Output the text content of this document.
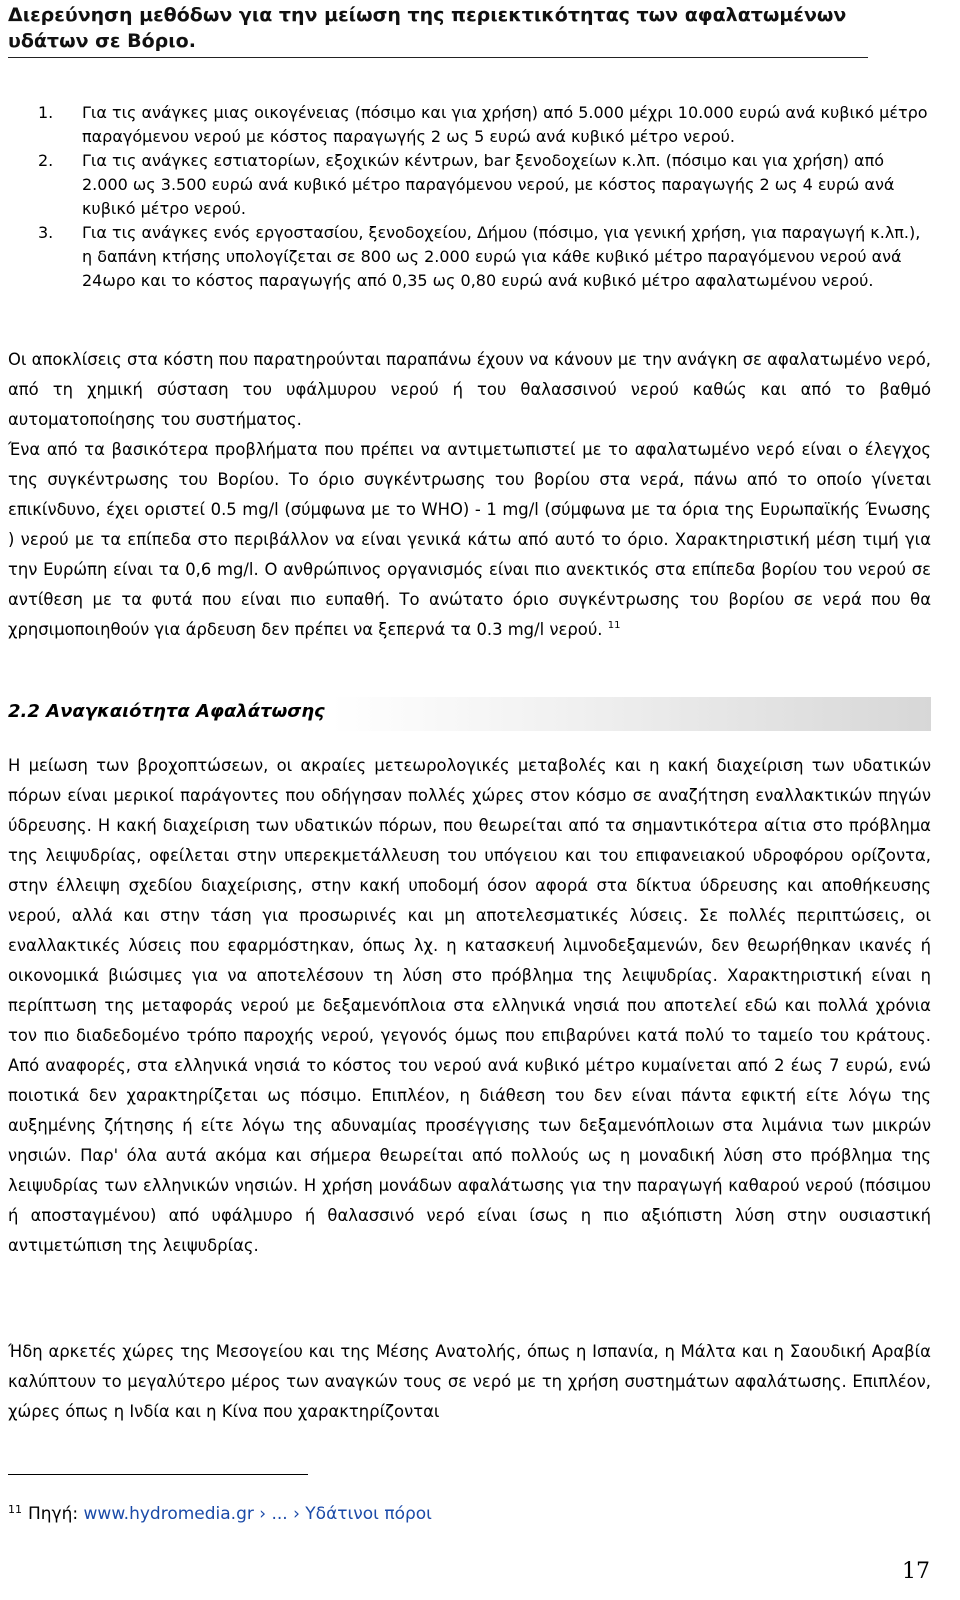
Διερεύνηση μεθόδων για την μείωση της περιεκτικότητας των αφαλατωμένων υδάτων σε Βόριο.
1. Για τις ανάγκες μιας οικογένειας (πόσιμο και για χρήση) από 5.000 μέχρι 10.000 ευρώ ανά κυβικό μέτρο παραγόμενου νερού με κόστος παραγωγής 2 ως 5 ευρώ ανά κυβικό μέτρο νερού.
2. Για τις ανάγκες εστιατορίων, εξοχικών κέντρων, bar ξενοδοχείων κ.λπ. (πόσιμο και για χρήση) από 2.000 ως 3.500 ευρώ ανά κυβικό μέτρο παραγόμενου νερού, με κόστος παραγωγής 2 ως 4 ευρώ ανά κυβικό μέτρο νερού.
3. Για τις ανάγκες ενός εργοστασίου, ξενοδοχείου, Δήμου (πόσιμο, για γενική χρήση, για παραγωγή κ.λπ.), η δαπάνη κτήσης υπολογίζεται σε 800 ως 2.000 ευρώ για κάθε κυβικό μέτρο παραγόμενου νερού ανά 24ωρο και το κόστος παραγωγής από 0,35 ως 0,80 ευρώ ανά κυβικό μέτρο αφαλατωμένου νερού.

Οι αποκλίσεις στα κόστη που παρατηρούνται παραπάνω έχουν να κάνουν με την ανάγκη σε αφαλατωμένο νερό, από τη χημική σύσταση του υφάλμυρου νερού ή του θαλασσινού νερού καθώς και από το βαθμό αυτοματοποίησης του συστήματος.

Ένα από τα βασικότερα προβλήματα που πρέπει να αντιμετωπιστεί με το αφαλατωμένο νερό είναι ο έλεγχος της συγκέντρωσης του Βορίου. Το όριο συγκέντρωσης του βορίου στα νερά, πάνω από το οποίο γίνεται επικίνδυνο, έχει οριστεί 0.5 mg/l (σύμφωνα με το WHO) - 1 mg/l (σύμφωνα με τα όρια της Ευρωπαϊκής Ένωσης ) νερού με τα επίπεδα στο περιβάλλον να είναι γενικά κάτω από αυτό το όριο. Χαρακτηριστική μέση τιμή για την Ευρώπη είναι τα 0,6 mg/l. Ο ανθρώπινος οργανισμός είναι πιο ανεκτικός στα επίπεδα βορίου του νερού σε αντίθεση με τα φυτά που είναι πιο ευπαθή. Το ανώτατο όριο συγκέντρωσης του βορίου σε νερά που θα χρησιμοποιηθούν για άρδευση δεν πρέπει να ξεπερνά τα 0.3 mg/l νερού. $^{11}$

2.2 Αναγκαιότητα Αφαλάτωσης

Η μείωση των βροχοπτώσεων, οι ακραίες μετεωρολογικές μεταβολές και η κακή διαχείριση των υδατικών πόρων είναι μερικοί παράγοντες που οδήγησαν πολλές χώρες στον κόσμο σε αναζήτηση εναλλακτικών πηγών ύδρευσης. Η κακή διαχείριση των υδατικών πόρων, που θεωρείται από τα σημαντικότερα αίτια στο πρόβλημα της λειψυδρίας, οφείλεται στην υπερεκμετάλλευση του υπόγειου και του επιφανειακού υδροφόρου ορίζοντα, στην έλλειψη σχεδίου διαχείρισης, στην κακή υποδομή όσον αφορά στα δίκτυα ύδρευσης και αποθήκευσης νερού, αλλά και στην τάση για προσωρινές και μη αποτελεσματικές λύσεις. Σε πολλές περιπτώσεις, οι εναλλακτικές λύσεις που εφαρμόστηκαν, όπως λχ. η κατασκευή λιμνοδεξαμενών, δεν θεωρήθηκαν ικανές ή οικονομικά βιώσιμες για να αποτελέσουν τη λύση στο πρόβλημα της λειψυδρίας. Χαρακτηριστική είναι η περίπτωση της μεταφοράς νερού με δεξαμενόπλοια στα ελληνικά νησιά που αποτελεί εδώ και πολλά χρόνια τον πιο διαδεδομένο τρόπο παροχής νερού, γεγονός όμως που επιβαρύνει κατά πολύ το ταμείο του κράτους. Από αναφορές, στα ελληνικά νησιά το κόστος του νερού ανά κυβικό μέτρο κυμαίνεται από 2 έως 7 ευρώ, ενώ ποιοτικά δεν χαρακτηρίζεται ως πόσιμο. Επιπλέον, η διάθεση του δεν είναι πάντα εφικτή είτε λόγω της αυξημένης ζήτησης ή είτε λόγω της αδυναμίας προσέγγισης των δεξαμενόπλοιων στα λιμάνια των μικρών νησιών. Παρ' όλα αυτά ακόμα και σήμερα θεωρείται από πολλούς ως η μοναδική λύση στο πρόβλημα της λειψυδρίας των ελληνικών νησιών. Η χρήση μονάδων αφαλάτωσης για την παραγωγή καθαρού νερού (πόσιμου ή αποσταγμένου) από υφάλμυρο ή θαλασσινό νερό είναι ίσως η πιο αξιόπιστη λύση στην ουσιαστική αντιμετώπιση της λειψυδρίας.

Ήδη αρκετές χώρες της Μεσογείου και της Μέσης Ανατολής, όπως η Ισπανία, η Μάλτα και η Σαουδική Αραβία καλύπτουν το μεγαλύτερο μέρος των αναγκών τους σε νερό με τη χρήση συστημάτων αφαλάτωσης. Επιπλέον, χώρες όπως η Ινδία και η Κίνα που χαρακτηρίζονται

$^{11}$ Πηγή: www.hydromedia.gr › ... › Υδάτινοι πόροι
17
